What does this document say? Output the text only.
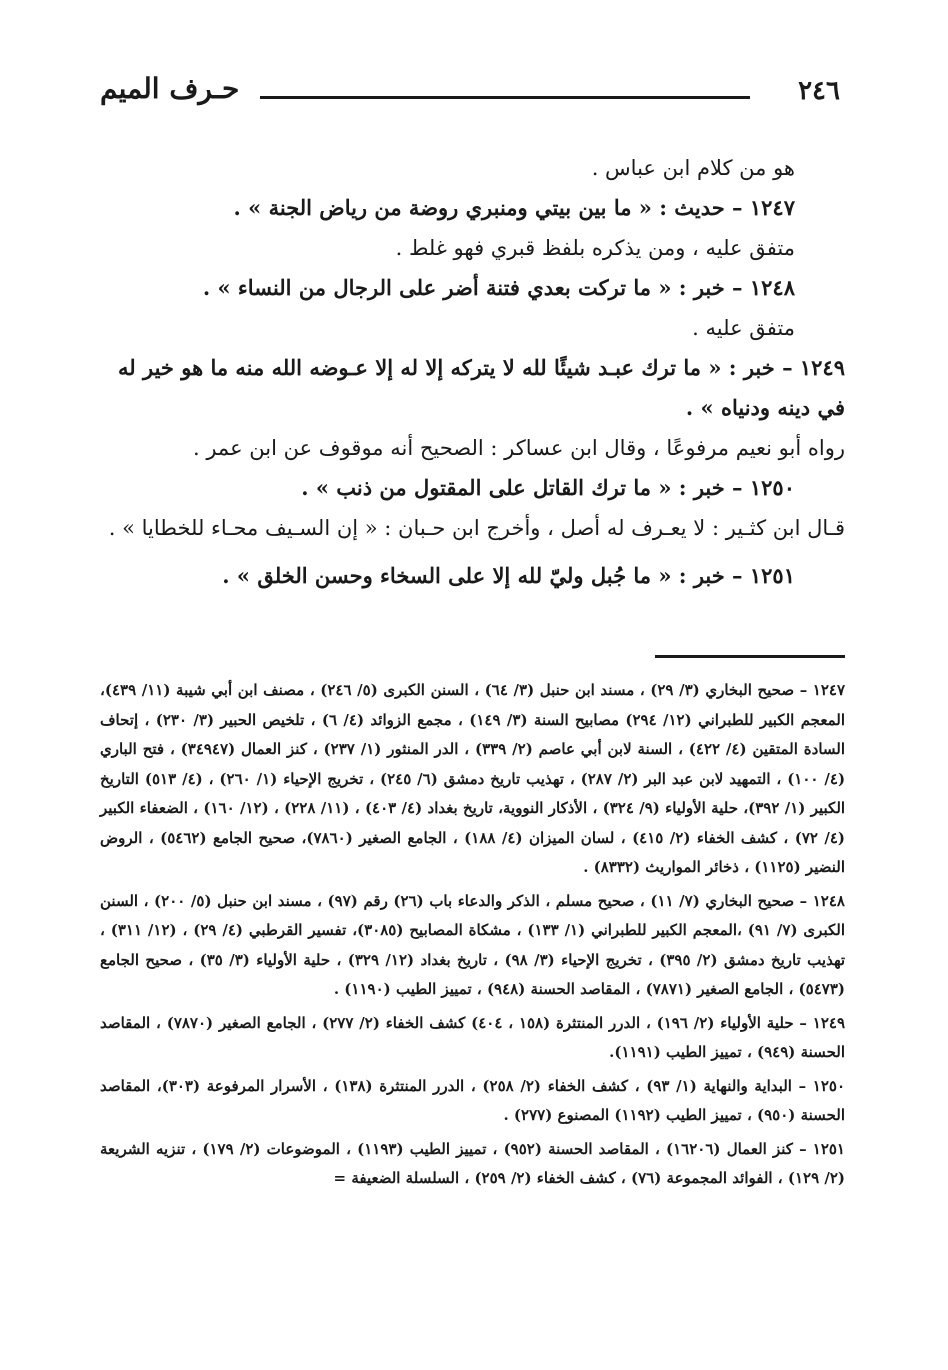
٢٤٦
حـرف الميم

هو من كلام ابن عباس .

١٢٤٧ – حديث : « ما بين بيتي ومنبري روضة من رياض الجنة » .

متفق عليه ، ومن يذكره بلفظ قبري فهو غلط .

١٢٤٨ – خبر : « ما تركت بعدي فتنة أضر على الرجال من النساء » .

متفق عليه .

١٢٤٩ – خبر : « ما ترك عبـد شيئًا لله لا يتركه إلا له إلا عـوضه الله منه ما هو خير له في دينه ودنياه » .

رواه أبو نعيم مرفوعًا ، وقال ابن عساكر : الصحيح أنه موقوف عن ابن عمر .

١٢٥٠ – خبر : « ما ترك القاتل على المقتول من ذنب » .

قـال ابن كثـير : لا يعـرف له أصل ، وأخرج ابن حـبان : « إن السـيف محـاء للخطايا » .

١٢٥١ – خبر : « ما جُبل وليّ لله إلا على السخاء وحسن الخلق » .

١٢٤٧ – صحيح البخاري (٣/ ٢٩) ، مسند ابن حنبل (٣/ ٦٤) ، السنن الكبرى (٥/ ٢٤٦) ، مصنف ابن أبي شيبة (١١/ ٤٣٩)، المعجم الكبير للطبراني (١٢/ ٢٩٤) مصابيح السنة (٣/ ١٤٩) ، مجمع الزوائد (٤/ ٦) ، تلخيص الحبير (٣/ ٢٣٠) ، إتحاف السادة المتقين (٤/ ٤٢٢) ، السنة لابن أبي عاصم (٢/ ٣٣٩) ، الدر المنثور (١/ ٢٣٧) ، كنز العمال (٣٤٩٤٧) ، فتح الباري (٤/ ١٠٠) ، التمهيد لابن عبد البر (٢/ ٢٨٧) ، تهذيب تاريخ دمشق (٦/ ٢٤٥) ، تخريج الإحياء (١/ ٢٦٠) ، (٤/ ٥١٣) التاريخ الكبير (١/ ٣٩٢)، حلية الأولياء (٩/ ٣٢٤) ، الأذكار النووية، تاريخ بغداد (٤/ ٤٠٣) ، (١١/ ٢٢٨) ، (١٢/ ١٦٠) ، الضعفاء الكبير (٤/ ٧٢) ، كشف الخفاء (٢/ ٤١٥) ، لسان الميزان (٤/ ١٨٨) ، الجامع الصغير (٧٨٦٠)، صحيح الجامع (٥٤٦٢) ، الروض النضير (١١٢٥) ، ذخائر المواريث (٨٣٣٢) .

١٢٤٨ – صحيح البخاري (٧/ ١١) ، صحيح مسلم ، الذكر والدعاء باب (٢٦) رقم (٩٧) ، مسند ابن حنبل (٥/ ٢٠٠) ، السنن الكبرى (٧/ ٩١) ،المعجم الكبير للطبراني (١/ ١٣٣) ، مشكاة المصابيح (٣٠٨٥)، تفسير القرطبي (٤/ ٢٩) ، (١٢/ ٣١١) ، تهذيب تاريخ دمشق (٢/ ٣٩٥) ، تخريج الإحياء (٣/ ٩٨) ، تاريخ بغداد (١٢/ ٣٢٩) ، حلية الأولياء (٣/ ٣٥) ، صحيح الجامع (٥٤٧٣) ، الجامع الصغير (٧٨٧١) ، المقاصد الحسنة (٩٤٨) ، تمييز الطيب (١١٩٠) .

١٢٤٩ – حلية الأولياء (٢/ ١٩٦) ، الدرر المنتثرة (١٥٨ ، ٤٠٤) كشف الخفاء (٢/ ٢٧٧) ، الجامع الصغير (٧٨٧٠) ، المقاصد الحسنة (٩٤٩) ، تمييز الطيب (١١٩١).

١٢٥٠ – البداية والنهاية (١/ ٩٣) ، كشف الخفاء (٢/ ٢٥٨) ، الدرر المنتثرة (١٣٨) ، الأسرار المرفوعة (٣٠٣)، المقاصد الحسنة (٩٥٠) ، تمييز الطيب (١١٩٢) المصنوع (٢٧٧) .

١٢٥١ – كنز العمال (١٦٢٠٦) ، المقاصد الحسنة (٩٥٢) ، تمييز الطيب (١١٩٣) ، الموضوعات (٢/ ١٧٩) ، تنزيه الشريعة (٢/ ١٢٩) ، الفوائد المجموعة (٧٦) ، كشف الخفاء (٢/ ٢٥٩) ، السلسلة الضعيفة =
